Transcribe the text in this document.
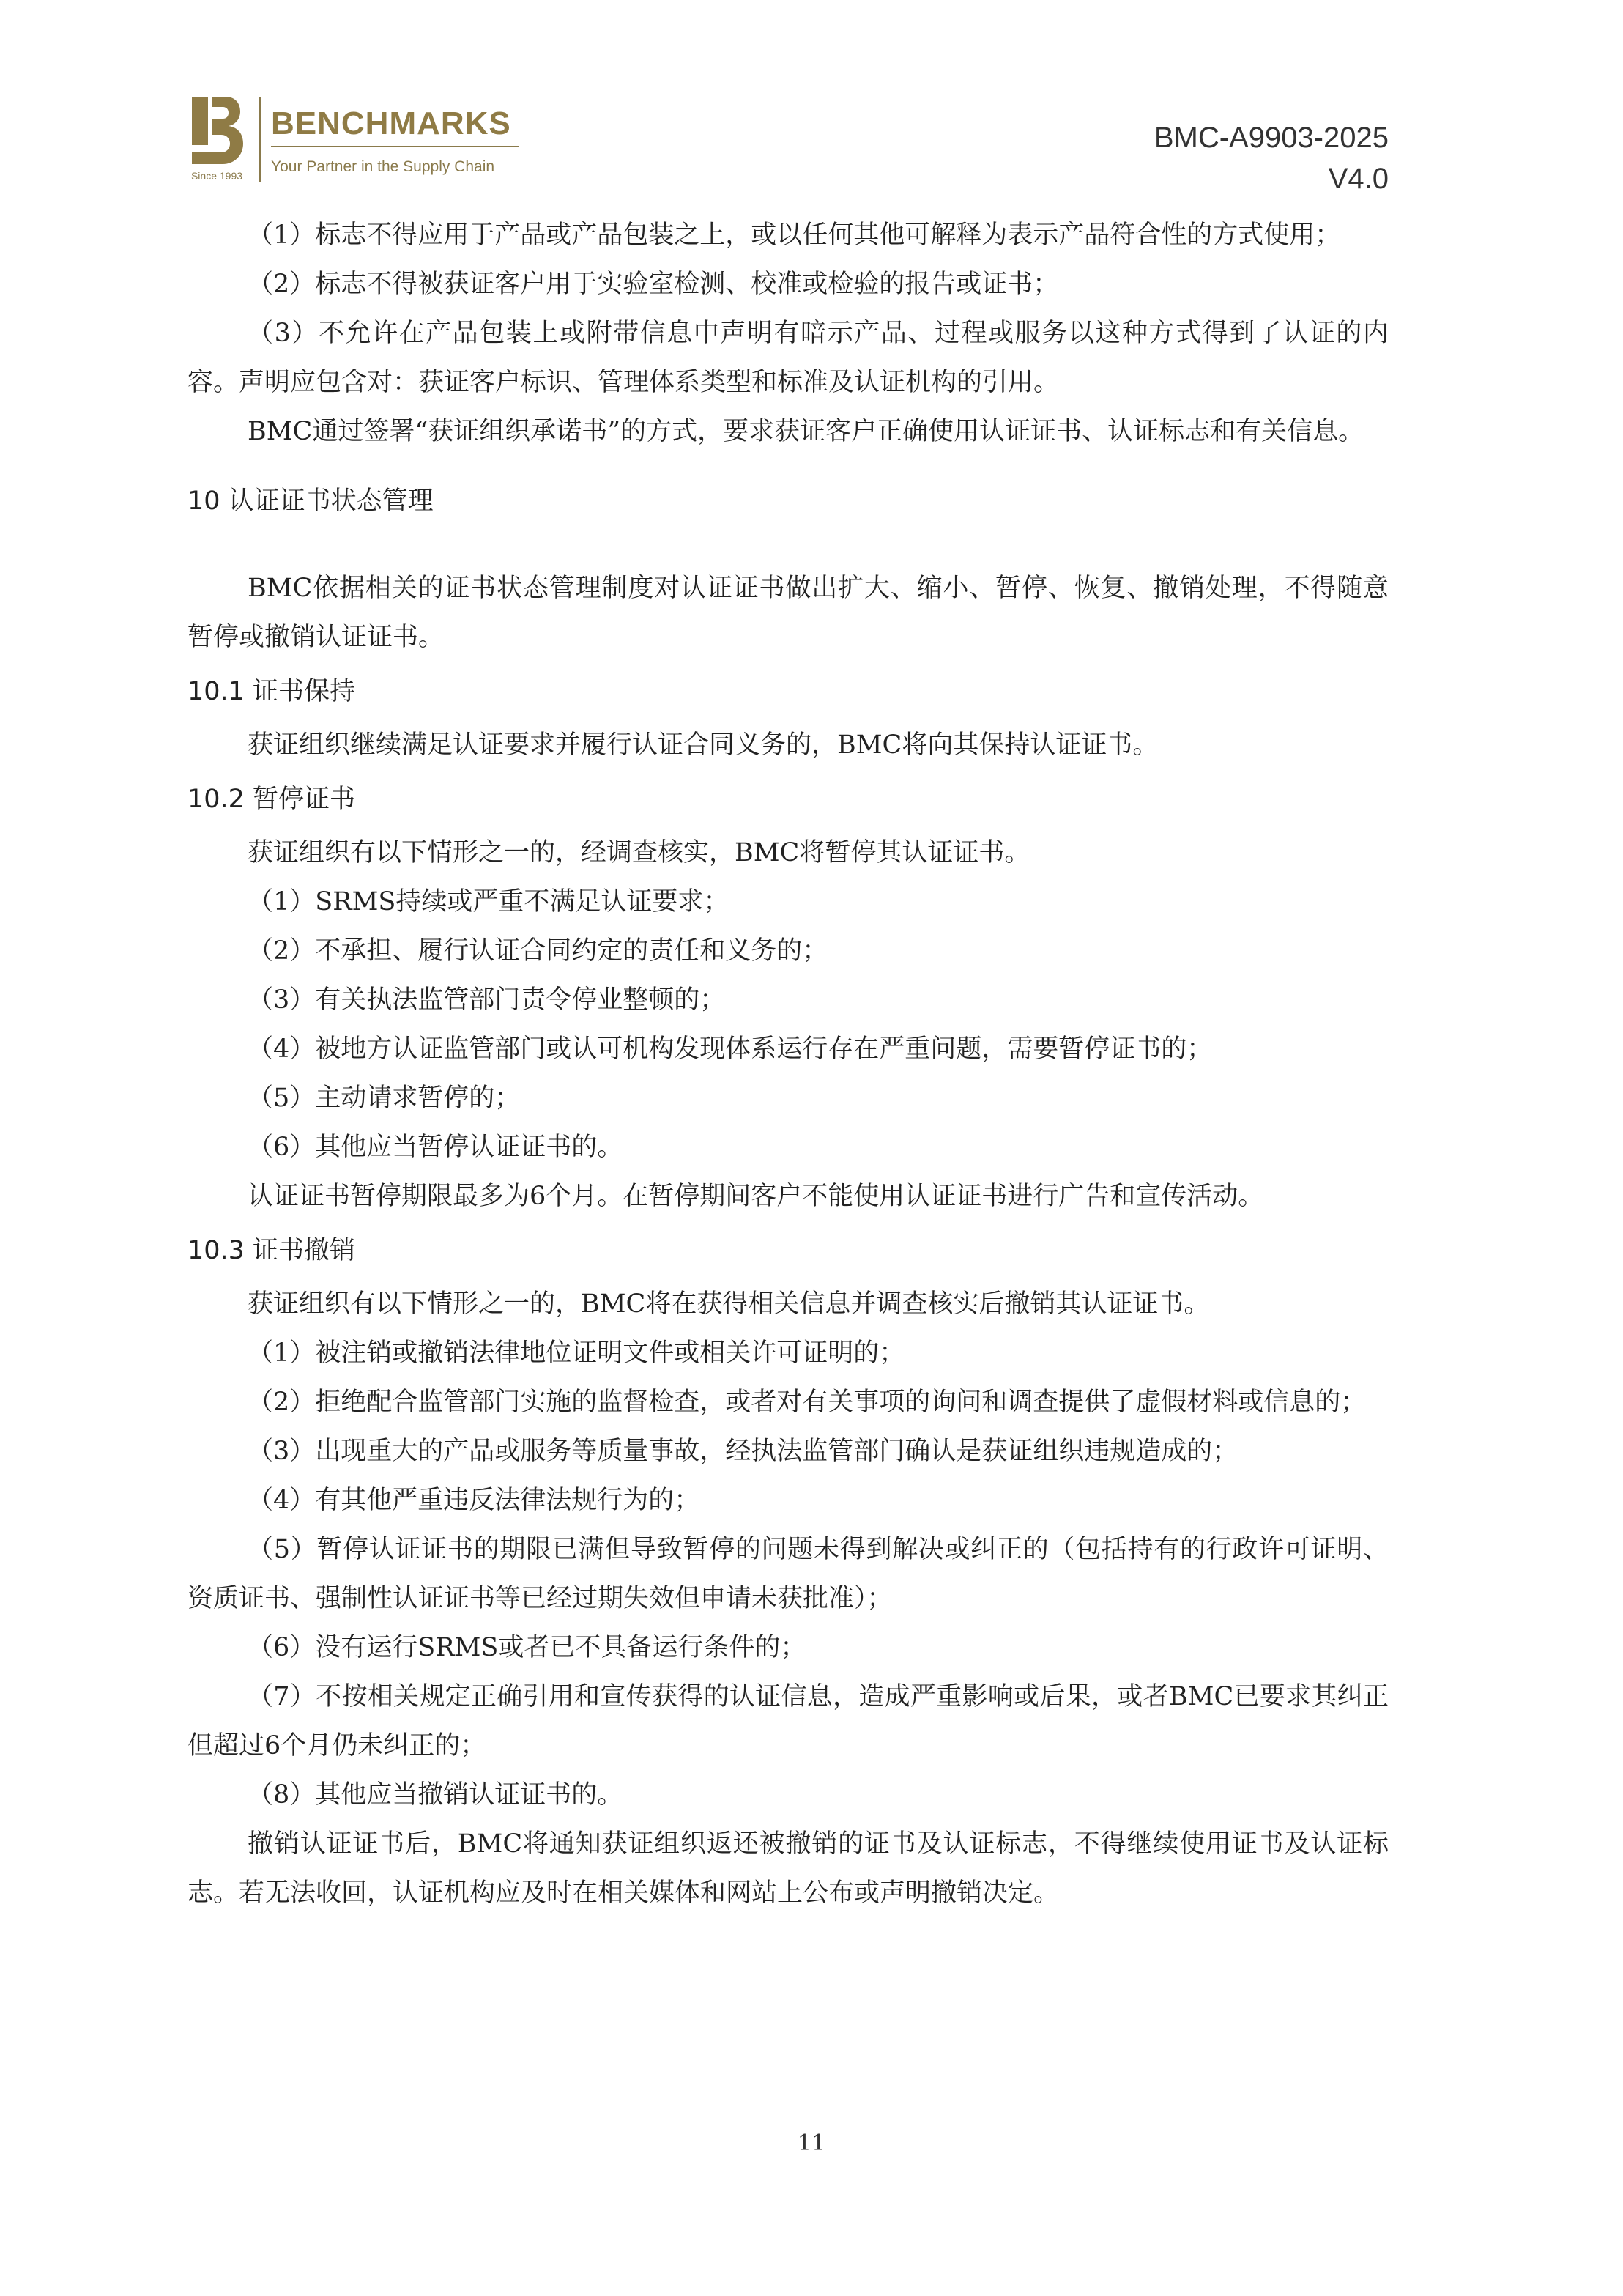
Since 1993
BENCHMARKS
Your Partner in the Supply Chain
BMC-A9903-2025
V4.0

（1）标志不得应用于产品或产品包装之上，或以任何其他可解释为表示产品符合性的方式使用；

（2）标志不得被获证客户用于实验室检测、校准或检验的报告或证书；

（3）不允许在产品包装上或附带信息中声明有暗示产品、过程或服务以这种方式得到了认证的内容。声明应包含对：获证客户标识、管理体系类型和标准及认证机构的引用。

BMC通过签署“获证组织承诺书”的方式，要求获证客户正确使用认证证书、认证标志和有关信息。

10 认证证书状态管理

BMC依据相关的证书状态管理制度对认证证书做出扩大、缩小、暂停、恢复、撤销处理，不得随意暂停或撤销认证证书。

10.1 证书保持

获证组织继续满足认证要求并履行认证合同义务的，BMC将向其保持认证证书。

10.2 暂停证书

获证组织有以下情形之一的，经调查核实，BMC将暂停其认证证书。

（1）SRMS持续或严重不满足认证要求；

（2）不承担、履行认证合同约定的责任和义务的；

（3）有关执法监管部门责令停业整顿的；

（4）被地方认证监管部门或认可机构发现体系运行存在严重问题，需要暂停证书的；

（5）主动请求暂停的；

（6）其他应当暂停认证证书的。

认证证书暂停期限最多为6个月。在暂停期间客户不能使用认证证书进行广告和宣传活动。

10.3 证书撤销

获证组织有以下情形之一的，BMC将在获得相关信息并调查核实后撤销其认证证书。

（1）被注销或撤销法律地位证明文件或相关许可证明的；

（2）拒绝配合监管部门实施的监督检查，或者对有关事项的询问和调查提供了虚假材料或信息的；

（3）出现重大的产品或服务等质量事故，经执法监管部门确认是获证组织违规造成的；

（4）有其他严重违反法律法规行为的；

（5）暂停认证证书的期限已满但导致暂停的问题未得到解决或纠正的（包括持有的行政许可证明、资质证书、强制性认证证书等已经过期失效但申请未获批准）；

（6）没有运行SRMS或者已不具备运行条件的；

（7）不按相关规定正确引用和宣传获得的认证信息，造成严重影响或后果，或者BMC已要求其纠正但超过6个月仍未纠正的；

（8）其他应当撤销认证证书的。

撤销认证证书后，BMC将通知获证组织返还被撤销的证书及认证标志，不得继续使用证书及认证标志。若无法收回，认证机构应及时在相关媒体和网站上公布或声明撤销决定。

11
